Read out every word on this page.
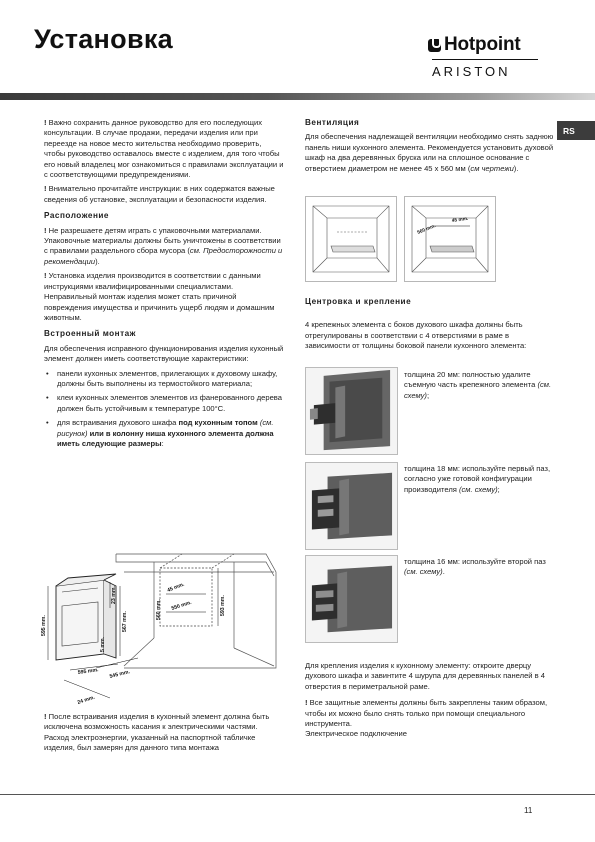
Установка	Hotpoint
ARISTON
RS

! Важно сохранить данное руководство для его последующих консультации. В случае продажи, передачи изделия или при переезде на новое место жительства необходимо проверить, чтобы руководство оставалось вместе с изделием, для того чтобы его новый владелец мог ознакомиться с правилами эксплуатации и с соответствующими предупреждениями.

! Внимательно прочитайте инструкции: в них содержатся важные сведения об установке, эксплуатации и безопасности изделия.

Расположение

! Не разрешаете детям играть с упаковочными материалами.

Упаковочные материалы должны быть уничтожены в соответствии с правилами раздельного сбора мусора (см. Предосторожности и рекомендации).

! Установка изделия производится в соответствии с данными инструкциями квалифицированными специалистами. Неправильный монтаж изделия может стать причиной повреждения имущества и причинить ущерб людям и домашним животным.

Встроенный монтаж

Для обеспечения исправного функционирования изделия кухонный элемент должен иметь соответствующие характеристики:

• панели кухонных элементов, прилегающих к духовому шкафу, должны быть выполнены из термостойкого материала;
• клеи кухонных элементов элементов из фанерованного дерева должен быть устойчивым к температуре 100°С.
• для встраивания духового шкафа под кухонным топом (см. рисунок) или в колонну ниша кухонного элемента должна иметь следующие размеры:
595 mm.
23 mm.
567 mm.
5 mm.
595 mm. 545 mm.
24 mm.
45 mm.
550 mm.
560 mm.	593 mm.

! После встраивания изделия в кухонный элемент должна быть исключена возможность касания к электрическими частями.

Расход электроэнергии, указанный на паспортной табличке изделия, был замерян для данного типа монтажа

Вентиляция

Для обеспечения надлежащей вентиляции необходимо снять заднюю панель ниши кухонного элемента. Рекомендуется установить духовой шкаф на два деревянных бруска или на сплошное основание с отверстием диаметром не менее 45 х 560 мм (см чертежи).

560 mm.
45 mm.
Центровка и крепление

4 крепежных элемента с боков духового шкафа должны быть отрегулированы в соответствии с 4 отверстиями в раме в зависимости от толщины боковой панели кухонного элемента:

толщина 20 мм: полностью удалите съемную часть крепежного элемента (см. схему);
толщина 18 мм: используйте первый паз, согласно уже готовой конфигурации производителя (см. схему);
толщина 16 мм: используйте второй паз (см. схему).

Для крепления изделия к кухонному элементу: откроите дверцу духового шкафа и завинтите 4 шурупа для деревянных панелей в 4 отверстия в периметральной раме.

! Все защитные элементы должны быть закреплены таким образом, чтобы их можно было снять только при помощи специального инструмента.

Электрическое подключение

11
